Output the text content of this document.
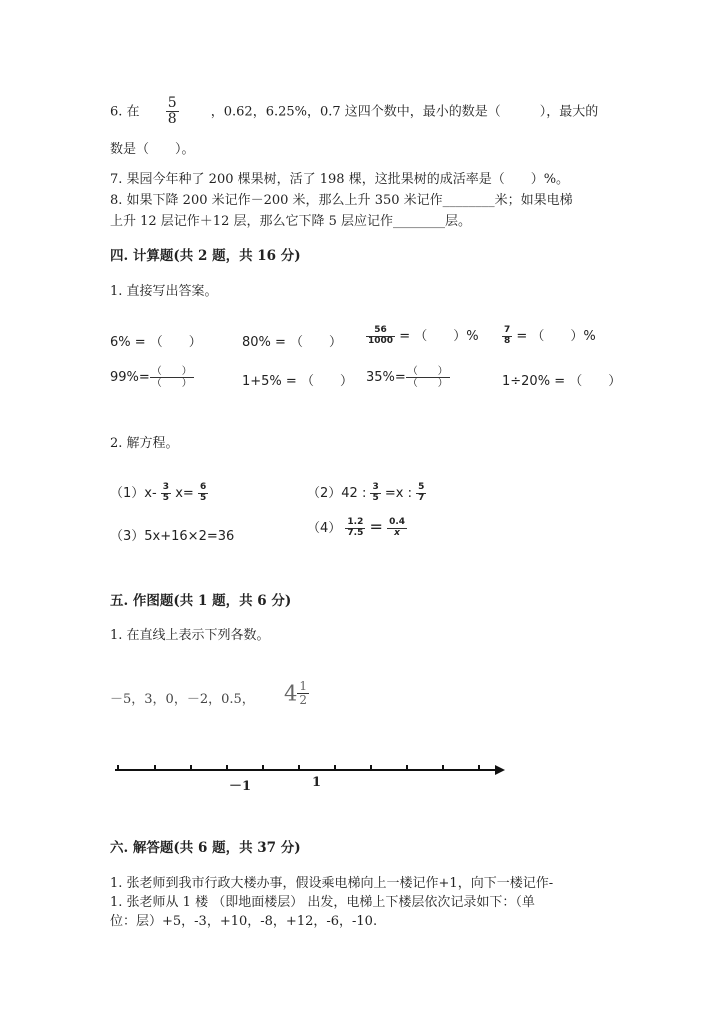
6. 在 $\frac{5}{8}$ ，0.62，6.25%，0.7 这四个数中，最小的数是（　　　），最大的
数是（　　）。
7. 果园今年种了 200 棵果树，活了 198 棵，这批果树的成活率是（　　）%。
8. 如果下降 200 米记作－200 米，那么上升 350 米记作________米；如果电梯
上升 12 层记作＋12 层，那么它下降 5 层应记作________层。
四. 计算题(共 2 题，共 16 分)
1. 直接写出答案。
6% = （　　）	80% = （　　）	$\frac{56}{1000}$ = （　　）%	$\frac{7}{8}$ = （　　）%
$99\%= \frac{( )}{( )}$	1+5% = （　　） $35\%= \frac{( )}{( )}$	1÷20% = （　　）
2. 解方程。
$(1)x- \frac{3}{5} x= \frac{6}{5}$	（2）42 : $\frac{3}{5} =x$ : $\frac{5}{7}$
（3）5x+16×2=36
$(4) \frac{1.2}{7.5} = \frac{0.4}{x}$
五. 作图题(共 1 题，共 6 分)
1. 在直线上表示下列各数。
－5，3，0，－2，0.5， $4 \frac{1}{2}$
－1	1
六. 解答题(共 6 题，共 37 分)
1. 张老师到我市行政大楼办事，假设乘电梯向上一楼记作+1，向下一楼记作-
1. 张老师从 1 楼 （即地面楼层） 出发，电梯上下楼层依次记录如下：（单
位：层）+5，-3，+10，-8，+12，-6，-10.
